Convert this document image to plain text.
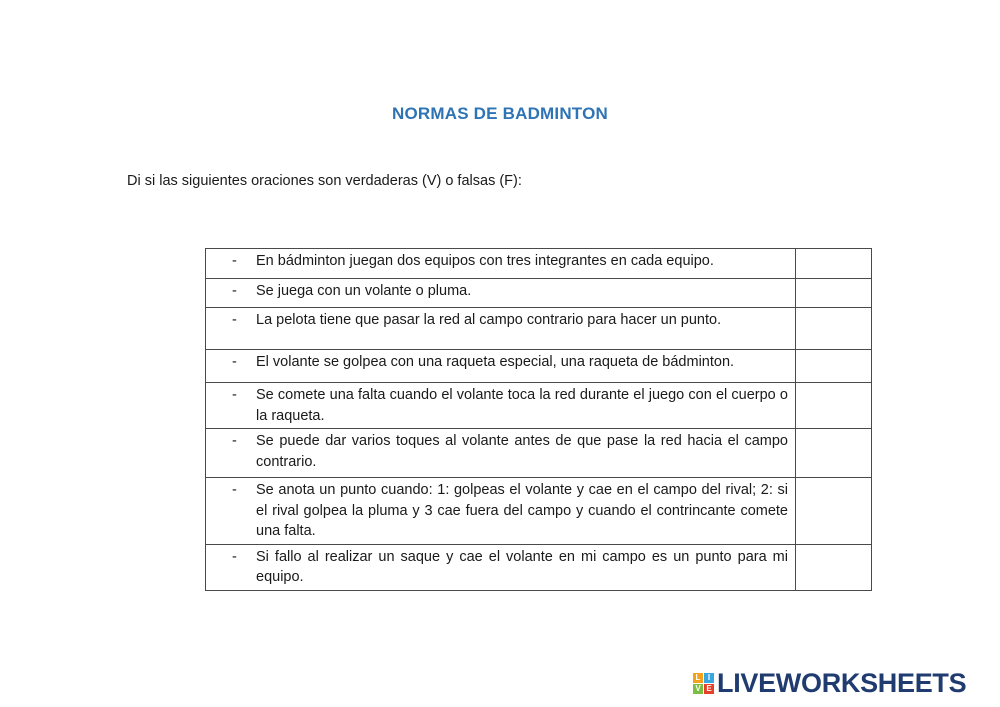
NORMAS DE BADMINTON
Di si las siguientes oraciones son verdaderas (V) o falsas (F):
- En bádminton juegan dos equipos con tres integrantes en cada equipo.	

- Se juega con un volante o pluma.	

- La pelota tiene que pasar la red al campo contrario para hacer un punto.	

- El volante se golpea con una raqueta especial, una raqueta de bádminton.	

- Se comete una falta cuando el volante toca la red durante el juego con el cuerpo o la raqueta.	

- Se puede dar varios toques al volante antes de que pase la red hacia el campo contrario.	

- Se anota un punto cuando: 1: golpeas el volante y cae en el campo del rival; 2: si el rival golpea la pluma y 3 cae fuera del campo y cuando el contrincante comete una falta.	

- Si fallo al realizar un saque y cae el volante en mi campo es un punto para mi equipo.	

L I
V E LIVEWORKSHEETS
